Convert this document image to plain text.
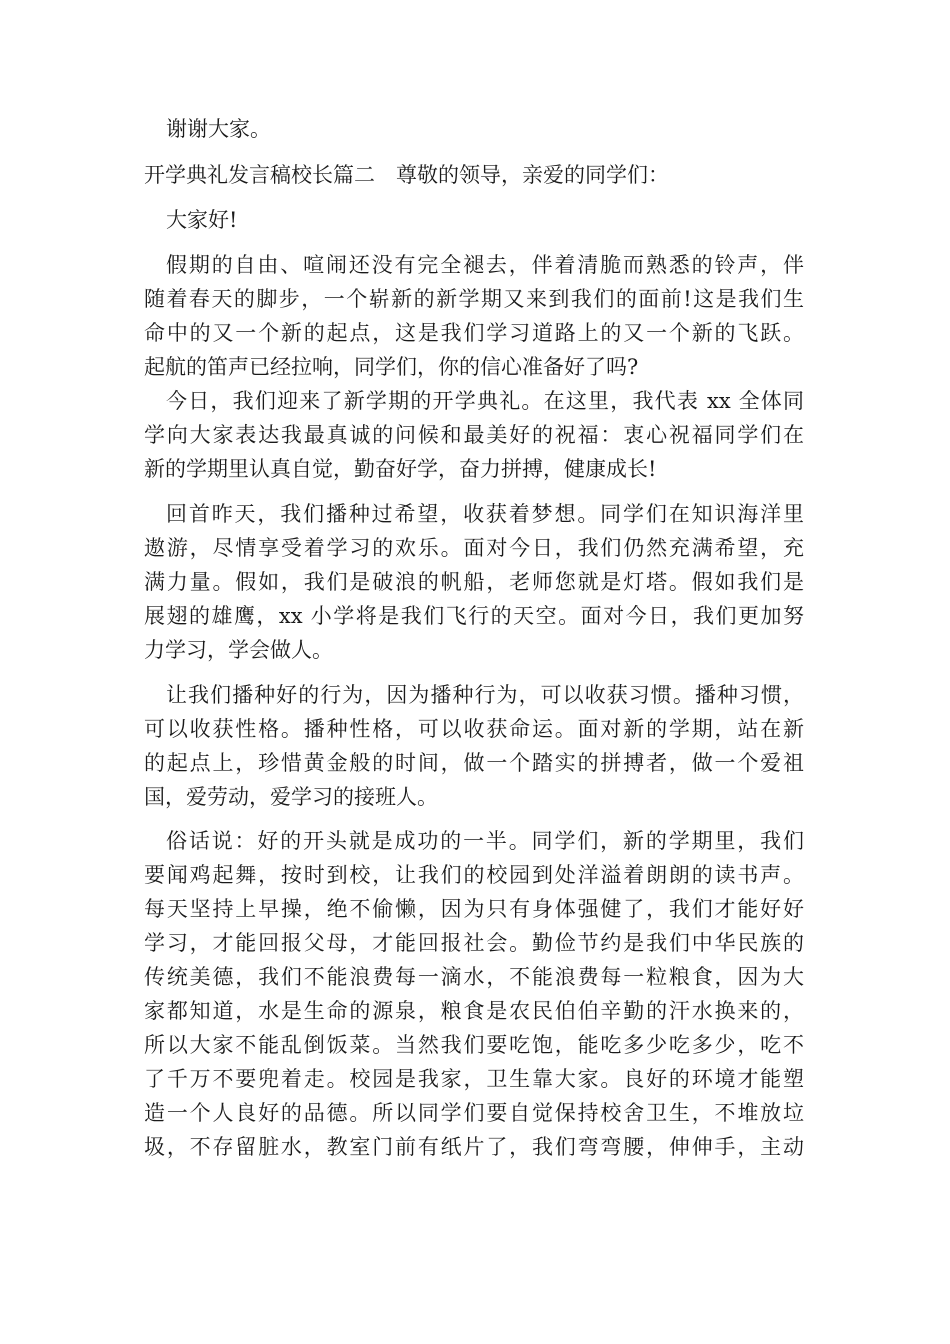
谢谢大家。
开学典礼发言稿校长篇二　尊敬的领导，亲爱的同学们：
大家好!
假期的自由、喧闹还没有完全褪去，伴着清脆而熟悉的铃声，伴
随着春天的脚步，一个崭新的新学期又来到我们的面前!这是我们生
命中的又一个新的起点，这是我们学习道路上的又一个新的飞跃。
起航的笛声已经拉响，同学们，你的信心准备好了吗?
今日，我们迎来了新学期的开学典礼。在这里，我代表 xx 全体同
学向大家表达我最真诚的问候和最美好的祝福：衷心祝福同学们在
新的学期里认真自觉，勤奋好学，奋力拼搏，健康成长!
回首昨天，我们播种过希望，收获着梦想。同学们在知识海洋里
遨游，尽情享受着学习的欢乐。面对今日，我们仍然充满希望，充
满力量。假如，我们是破浪的帆船，老师您就是灯塔。假如我们是
展翅的雄鹰，xx 小学将是我们飞行的天空。面对今日，我们更加努
力学习，学会做人。
让我们播种好的行为，因为播种行为，可以收获习惯。播种习惯，
可以收获性格。播种性格，可以收获命运。面对新的学期，站在新
的起点上，珍惜黄金般的时间，做一个踏实的拼搏者，做一个爱祖
国，爱劳动，爱学习的接班人。
俗话说：好的开头就是成功的一半。同学们，新的学期里，我们
要闻鸡起舞，按时到校，让我们的校园到处洋溢着朗朗的读书声。
每天坚持上早操，绝不偷懒，因为只有身体强健了，我们才能好好
学习，才能回报父母，才能回报社会。勤俭节约是我们中华民族的
传统美德，我们不能浪费每一滴水，不能浪费每一粒粮食，因为大
家都知道，水是生命的源泉，粮食是农民伯伯辛勤的汗水换来的，
所以大家不能乱倒饭菜。当然我们要吃饱，能吃多少吃多少，吃不
了千万不要兜着走。校园是我家，卫生靠大家。良好的环境才能塑
造一个人良好的品德。所以同学们要自觉保持校舍卫生，不堆放垃
圾，不存留脏水，教室门前有纸片了，我们弯弯腰，伸伸手，主动
